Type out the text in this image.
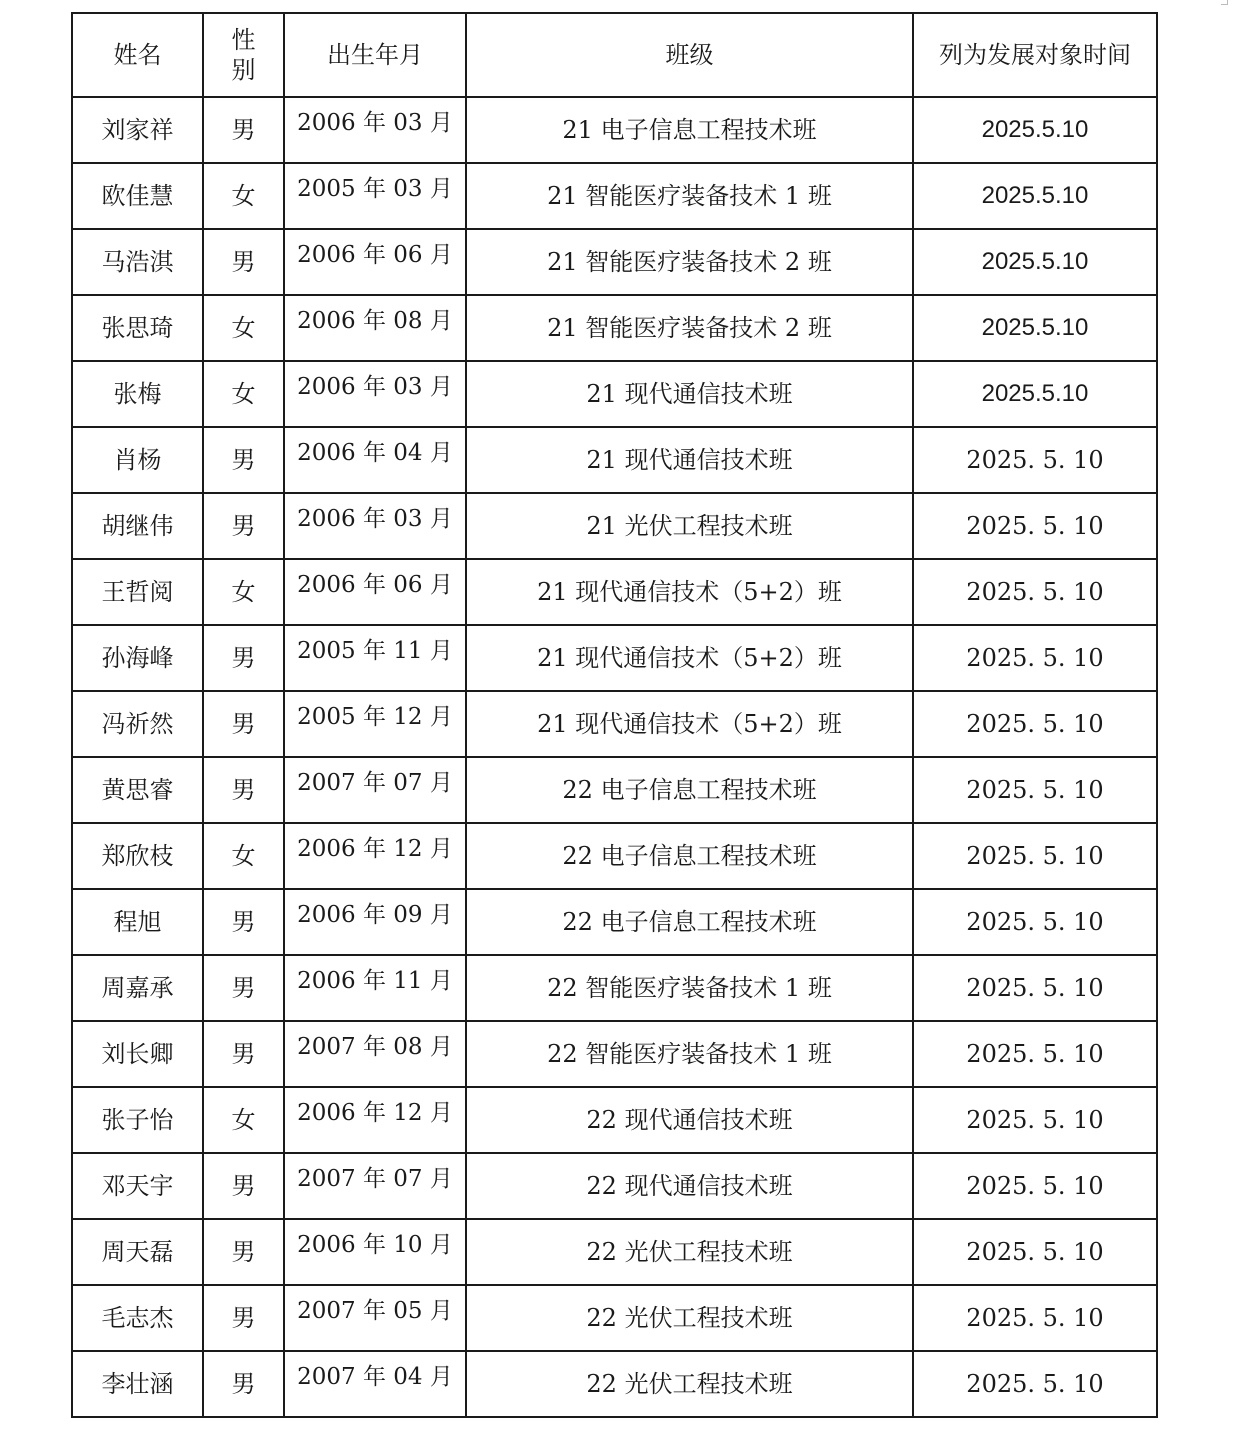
姓名	性别	出生年月	班级	列为发展对象时间

刘家祥	男	2006 年 03 月	21 电子信息工程技术班	2025.5.10
欧佳慧	女	2005 年 03 月	21 智能医疗装备技术 1 班	2025.5.10
马浩淇	男	2006 年 06 月	21 智能医疗装备技术 2 班	2025.5.10
张思琦	女	2006 年 08 月	21 智能医疗装备技术 2 班	2025.5.10
张梅	女	2006 年 03 月	21 现代通信技术班	2025.5.10
肖杨	男	2006 年 04 月	21 现代通信技术班	2025. 5. 10
胡继伟	男	2006 年 03 月	21 光伏工程技术班	2025. 5. 10
王哲阅	女	2006 年 06 月	21 现代通信技术（5+2）班	2025. 5. 10
孙海峰	男	2005 年 11 月	21 现代通信技术（5+2）班	2025. 5. 10
冯祈然	男	2005 年 12 月	21 现代通信技术（5+2）班	2025. 5. 10
黄思睿	男	2007 年 07 月	22 电子信息工程技术班	2025. 5. 10
郑欣枝	女	2006 年 12 月	22 电子信息工程技术班	2025. 5. 10
程旭	男	2006 年 09 月	22 电子信息工程技术班	2025. 5. 10
周嘉承	男	2006 年 11 月	22 智能医疗装备技术 1 班	2025. 5. 10
刘长卿	男	2007 年 08 月	22 智能医疗装备技术 1 班	2025. 5. 10
张子怡	女	2006 年 12 月	22 现代通信技术班	2025. 5. 10
邓天宇	男	2007 年 07 月	22 现代通信技术班	2025. 5. 10
周天磊	男	2006 年 10 月	22 光伏工程技术班	2025. 5. 10
毛志杰	男	2007 年 05 月	22 光伏工程技术班	2025. 5. 10
李壮涵	男	2007 年 04 月	22 光伏工程技术班	2025. 5. 10
